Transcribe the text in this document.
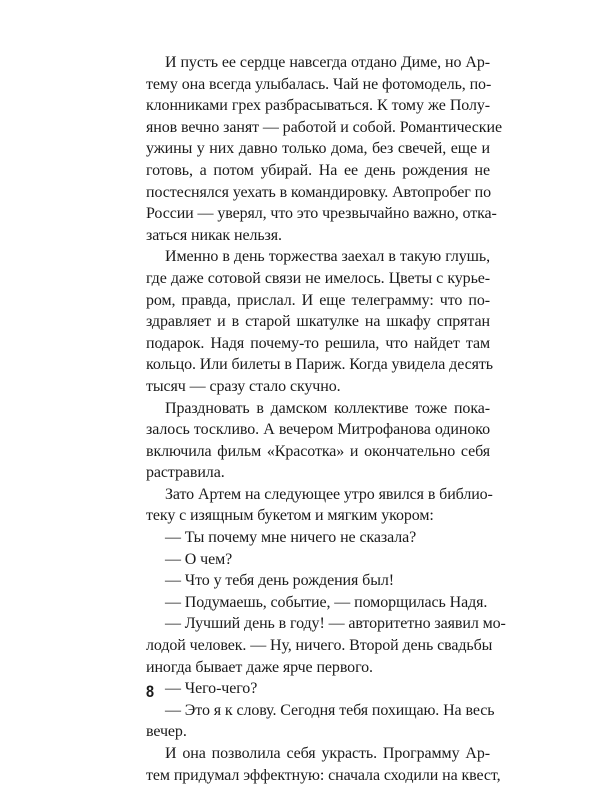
И пусть ее сердце навсегда отдано Диме, но Ар-
тему она всегда улыбалась. Чай не фотомодель, по-
клонниками грех разбрасываться. К тому же Полу-
янов вечно занят — работой и собой. Романтические
ужины у них давно только дома, без свечей, еще и
готовь, а потом убирай. На ее день рождения не
постеснялся уехать в командировку. Автопробег по
России — уверял, что это чрезвычайно важно, отка-
заться никак нельзя.
Именно в день торжества заехал в такую глушь,
где даже сотовой связи не имелось. Цветы с курье-
ром, правда, прислал. И еще телеграмму: что по-
здравляет и в старой шкатулке на шкафу спрятан
подарок. Надя почему-то решила, что найдет там
кольцо. Или билеты в Париж. Когда увидела десять
тысяч — сразу стало скучно.
Праздновать в дамском коллективе тоже пока-
залось тоскливо. А вечером Митрофанова одиноко
включила фильм «Красотка» и окончательно себя
растравила.
Зато Артем на следующее утро явился в библио-
теку с изящным букетом и мягким укором:
— Ты почему мне ничего не сказала?
— О чем?
— Что у тебя день рождения был!
— Подумаешь, событие, — поморщилась Надя.
— Лучший день в году! — авторитетно заявил мо-
лодой человек. — Ну, ничего. Второй день свадьбы
иногда бывает даже ярче первого.
— Чего-чего?
— Это я к слову. Сегодня тебя похищаю. На весь
вечер.
И она позволила себя украсть. Программу Ар-
тем придумал эффектную: сначала сходили на квест,
8
